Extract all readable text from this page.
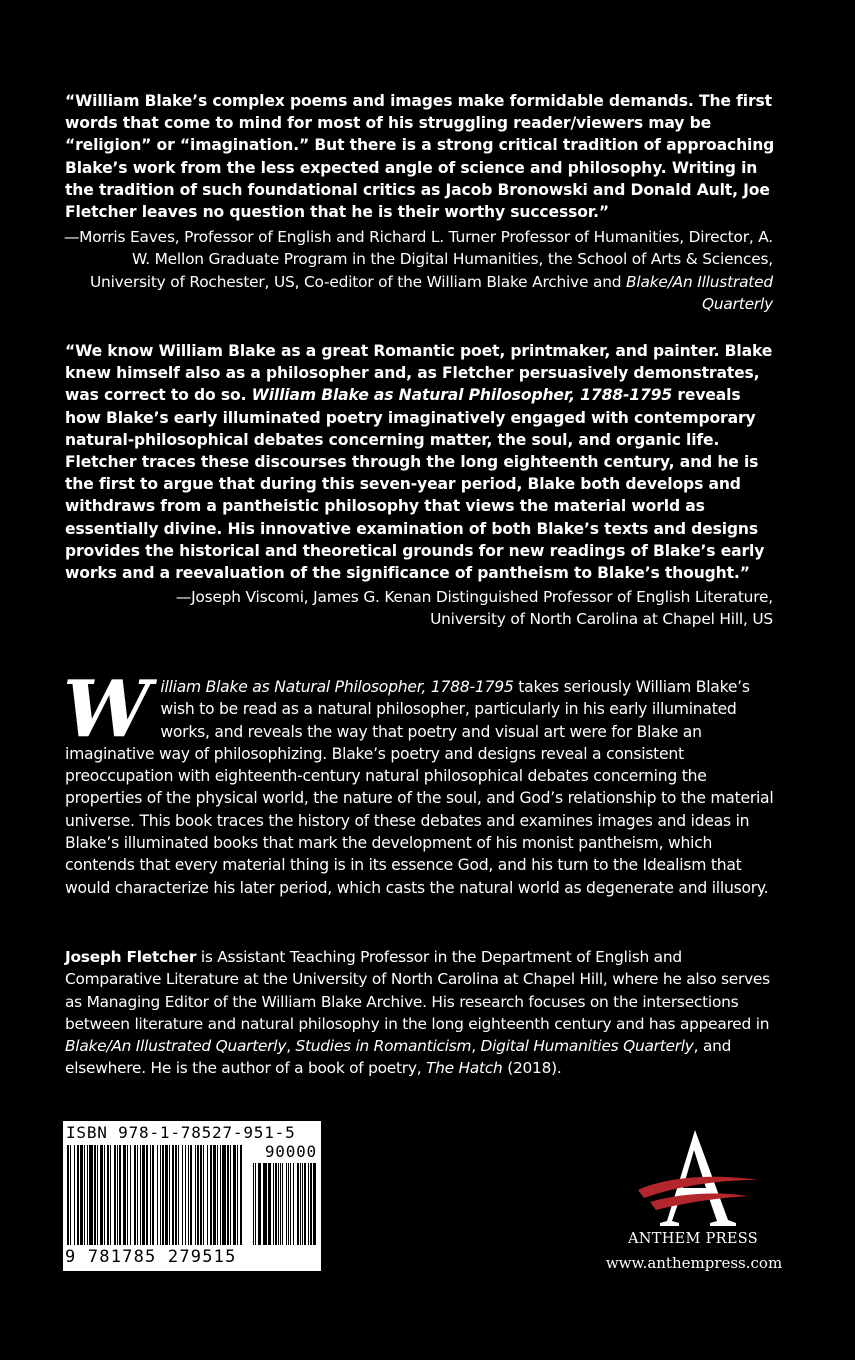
“William Blake’s complex poems and images make formidable demands. The first words that come to mind for most of his struggling reader/viewers may be “religion” or “imagination.” But there is a strong critical tradition of approaching Blake’s work from the less expected angle of science and philosophy. Writing in the tradition of such foundational critics as Jacob Bronowski and Donald Ault, Joe Fletcher leaves no question that he is their worthy successor.”
—Morris Eaves, Professor of English and Richard L. Turner Professor of Humanities, Director, A. W. Mellon Graduate Program in the Digital Humanities, the School of Arts & Sciences, University of Rochester, US, Co-editor of the William Blake Archive and Blake/An Illustrated Quarterly
“We know William Blake as a great Romantic poet, printmaker, and painter. Blake knew himself also as a philosopher and, as Fletcher persuasively demonstrates, was correct to do so. William Blake as Natural Philosopher, 1788-1795 reveals how Blake’s early illuminated poetry imaginatively engaged with contemporary natural-philosophical debates concerning matter, the soul, and organic life. Fletcher traces these discourses through the long eighteenth century, and he is the first to argue that during this seven-year period, Blake both develops and withdraws from a pantheistic philosophy that views the material world as essentially divine. His innovative examination of both Blake’s texts and designs provides the historical and theoretical grounds for new readings of Blake’s early works and a reevaluation of the significance of pantheism to Blake’s thought.”
—Joseph Viscomi, James G. Kenan Distinguished Professor of English Literature,
University of North Carolina at Chapel Hill, US
William Blake as Natural Philosopher, 1788-1795 takes seriously William Blake’s wish to be read as a natural philosopher, particularly in his early illuminated works, and reveals the way that poetry and visual art were for Blake an imaginative way of philosophizing. Blake’s poetry and designs reveal a consistent preoccupation with eighteenth-century natural philosophical debates concerning the properties of the physical world, the nature of the soul, and God’s relationship to the material universe. This book traces the history of these debates and examines images and ideas in Blake’s illuminated books that mark the development of his monist pantheism, which contends that every material thing is in its essence God, and his turn to the Idealism that would characterize his later period, which casts the natural world as degenerate and illusory.
Joseph Fletcher is Assistant Teaching Professor in the Department of English and Comparative Literature at the University of North Carolina at Chapel Hill, where he also serves as Managing Editor of the William Blake Archive. His research focuses on the intersections between literature and natural philosophy in the long eighteenth century and has appeared in Blake/An Illustrated Quarterly, Studies in Romanticism, Digital Humanities Quarterly, and elsewhere. He is the author of a book of poetry, The Hatch (2018).
ISBN 978-1-78527-951-5
90000
9 781785 279515
ANTHEM PRESS
www.anthempress.com
